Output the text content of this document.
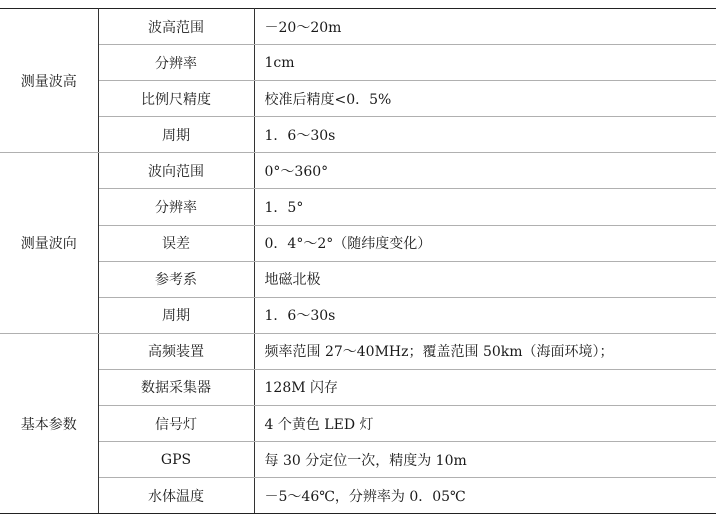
测量波高	波高范围	－20～20m
	分辨率	1cm
	比例尺精度	校准后精度<0．5%
	周期	1．6～30s
测量波向	波向范围	0°～360°
	分辨率	1．5°
	误差	0．4°～2°（随纬度变化）
	参考系	地磁北极
	周期	1．6～30s
基本参数	高频装置	频率范围 27～40MHz；覆盖范围 50km（海面环境）；
	数据采集器	128M 闪存
	信号灯	4 个黄色 LED 灯
	GPS	每 30 分定位一次，精度为 10m
	水体温度	－5～46℃，分辨率为 0．05℃
